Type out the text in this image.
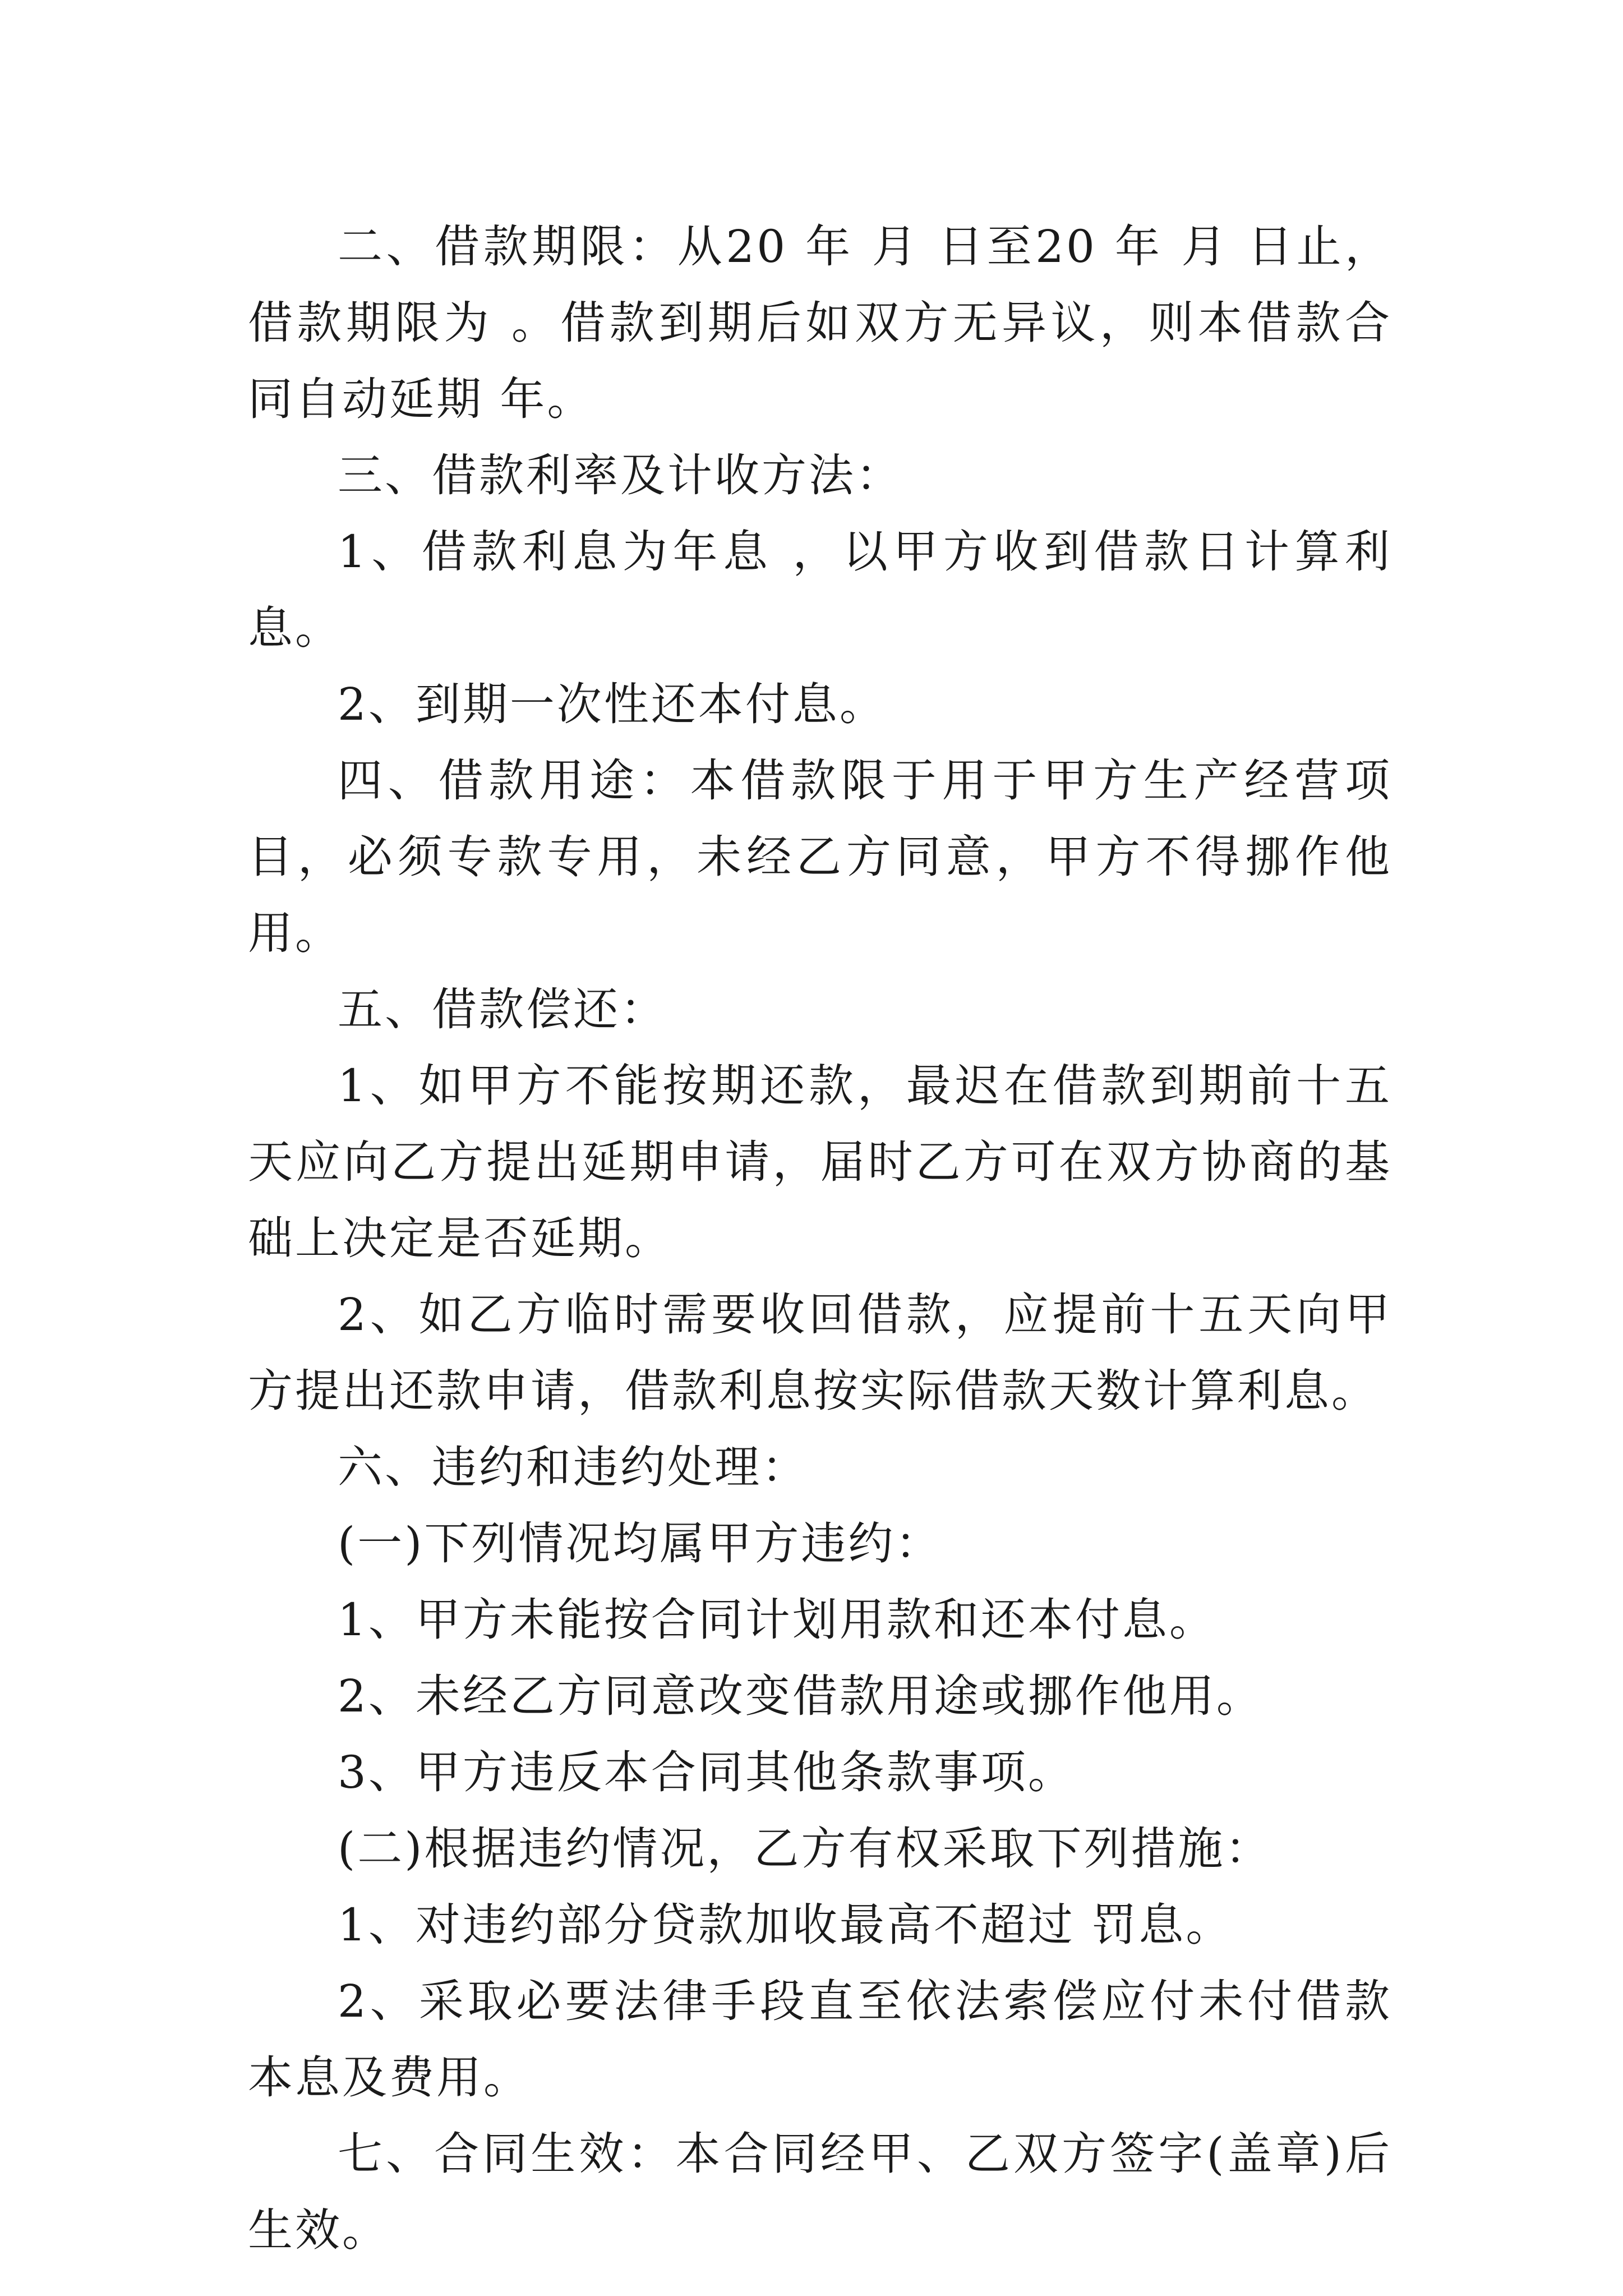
二、借款期限：从20 年 月 日至20 年 月 日止，借款期限为 。借款到期后如双方无异议，则本借款合同自动延期 年。

三、借款利率及计收方法：

1、借款利息为年息 ，以甲方收到借款日计算利息。

2、到期一次性还本付息。

四、借款用途：本借款限于用于甲方生产经营项目，必须专款专用，未经乙方同意，甲方不得挪作他用。

五、借款偿还：

1、如甲方不能按期还款，最迟在借款到期前十五天应向乙方提出延期申请，届时乙方可在双方协商的基础上决定是否延期。

2、如乙方临时需要收回借款，应提前十五天向甲方提出还款申请，借款利息按实际借款天数计算利息。

六、违约和违约处理：

(一)下列情况均属甲方违约：

1、甲方未能按合同计划用款和还本付息。

2、未经乙方同意改变借款用途或挪作他用。

3、甲方违反本合同其他条款事项。

(二)根据违约情况，乙方有权采取下列措施：

1、对违约部分贷款加收最高不超过 罚息。

2、采取必要法律手段直至依法索偿应付未付借款本息及费用。

七、合同生效：本合同经甲、乙双方签字(盖章)后生效。
